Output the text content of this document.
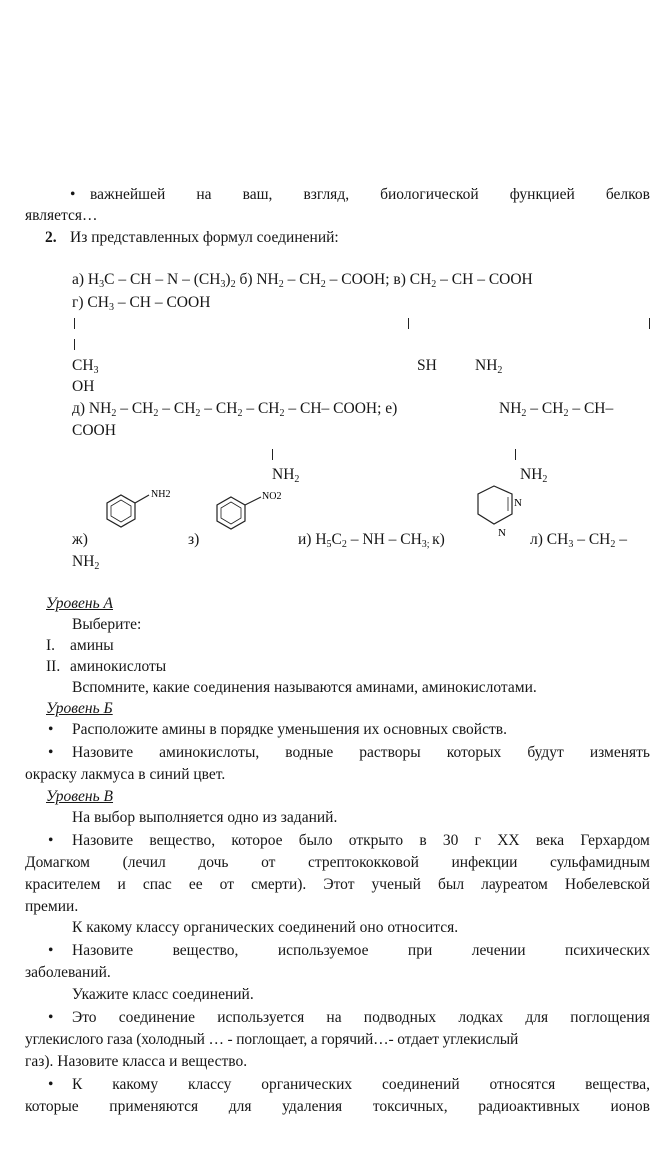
• важнейшей на ваш, взгляд, биологической функцией белков
является…
2. Из представленных формул соединений:
а) $H_3C$ – CH – N – $(CH_3)_2$ б) $NH_2 - CH_2$ – COOH; в) $CH_2$ – CH – COOH
г) $CH_3$ – CH – COOH
$CH_3$	SH $NH_2$
OH
д) $NH_2 - CH_2 - CH_2 - CH_2 - CH_2 - CH-$ COOH; е)	$NH_2 - CH_2 - CH-$
COOH
$NH_2$	$NH_2$
NH2	NO2
N
N
ж)	з)	и) $H_5C_2$ – NH – $CH_{3;}$ к)	л) $CH_3 - CH_2$ –
$NH_2$
Уровень А
Выберите:
I. амины
II. аминокислоты
Вспомните, какие соединения называются аминами, аминокислотами.
Уровень Б
• Расположите амины в порядке уменьшения их основных свойств.
• Назовите аминокислоты, водные растворы которых будут изменять
окраску лакмуса в синий цвет.
Уровень В
На выбор выполняется одно из заданий.
• Назовите вещество, которое было открыто в 30 г XX века Герхардом
Домагком (лечил дочь от стрептококковой инфекции сульфамидным
красителем и спас ее от смерти). Этот ученый был лауреатом Нобелевской
премии.
К какому классу органических соединений оно относится.
• Назовите	вещество,	используемое	при	лечении	психических
заболеваний.
Укажите класс соединений.
• Это соединение используется на подводных лодках для поглощения
углекислого газа (холодный … - поглощает, а горячий…- отдает углекислый
газ). Назовите класса и вещество.
• К какому классу органических соединений относятся вещества,
которые применяются для удаления токсичных, радиоактивных ионов
